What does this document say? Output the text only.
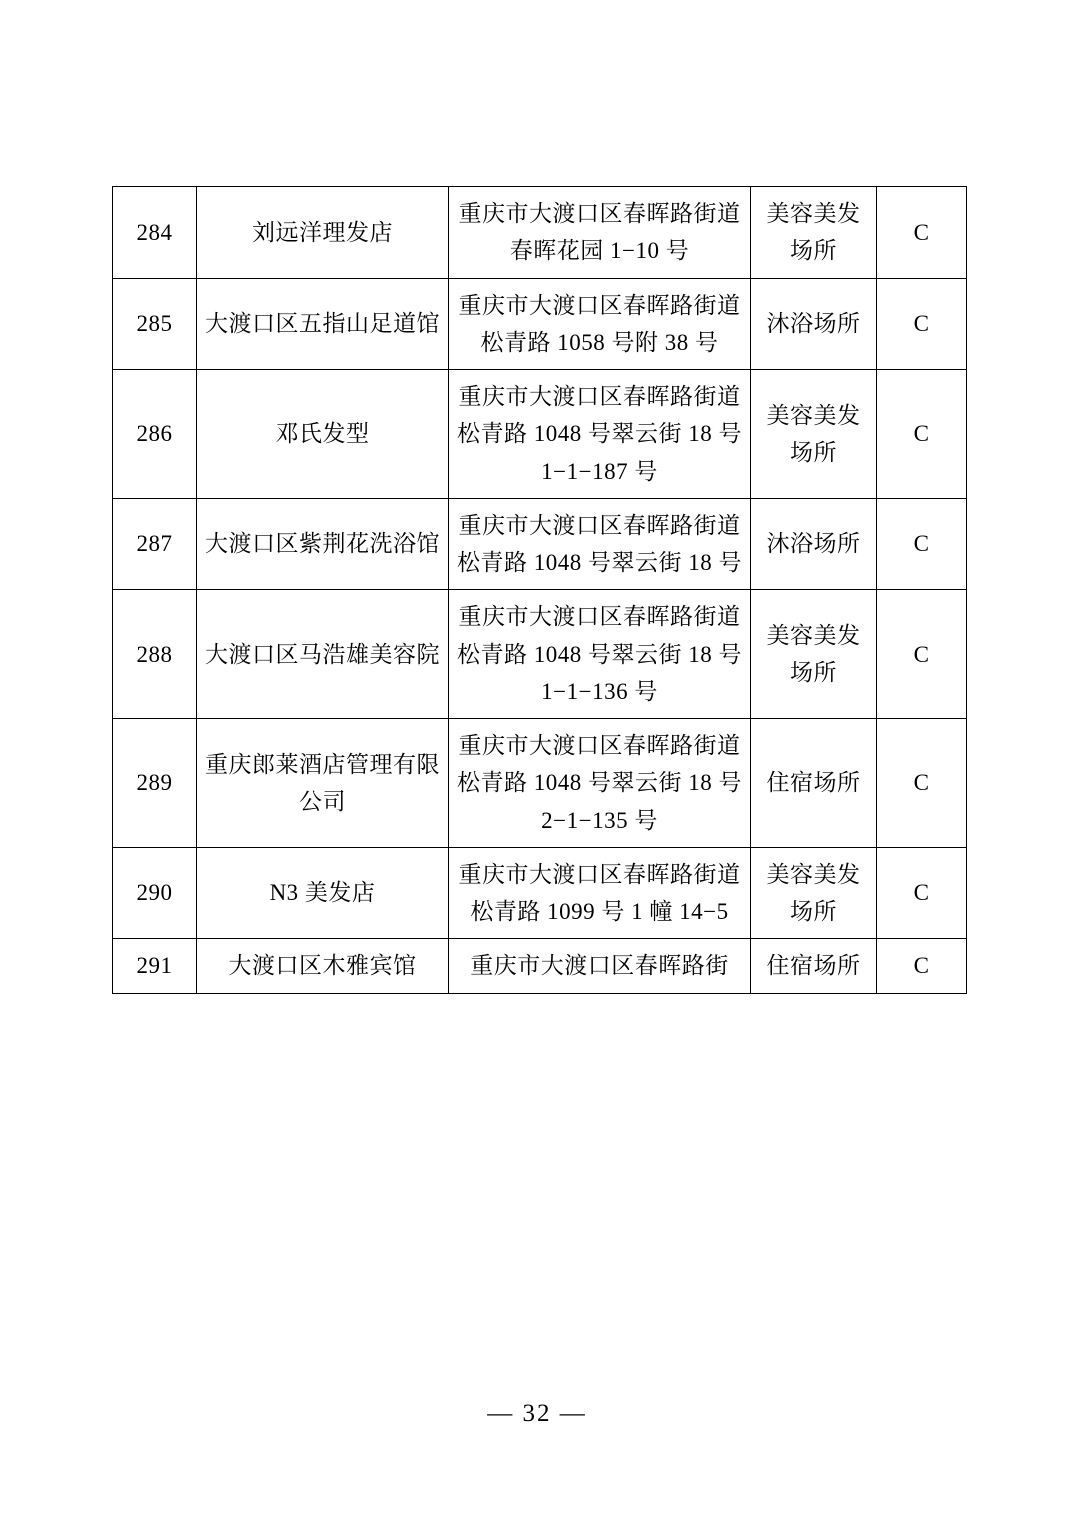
284	刘远洋理发店	重庆市大渡口区春晖路街道春晖花园 1−10 号	美容美发场所	C
285	大渡口区五指山足道馆	重庆市大渡口区春晖路街道松青路 1058 号附 38 号	沐浴场所	C
286	邓氏发型	重庆市大渡口区春晖路街道松青路 1048 号翠云街 18 号 1−1−187 号	美容美发场所	C
287	大渡口区紫荆花洗浴馆	重庆市大渡口区春晖路街道松青路 1048 号翠云街 18 号	沐浴场所	C
288	大渡口区马浩雄美容院	重庆市大渡口区春晖路街道松青路 1048 号翠云街 18 号 1−1−136 号	美容美发场所	C
289	重庆郎莱酒店管理有限公司	重庆市大渡口区春晖路街道松青路 1048 号翠云街 18 号 2−1−135 号	住宿场所	C
290	N3 美发店	重庆市大渡口区春晖路街道松青路 1099 号 1 幢 14−5	美容美发场所	C
291	大渡口区木雅宾馆	重庆市大渡口区春晖路街	住宿场所	C
— 32 —
